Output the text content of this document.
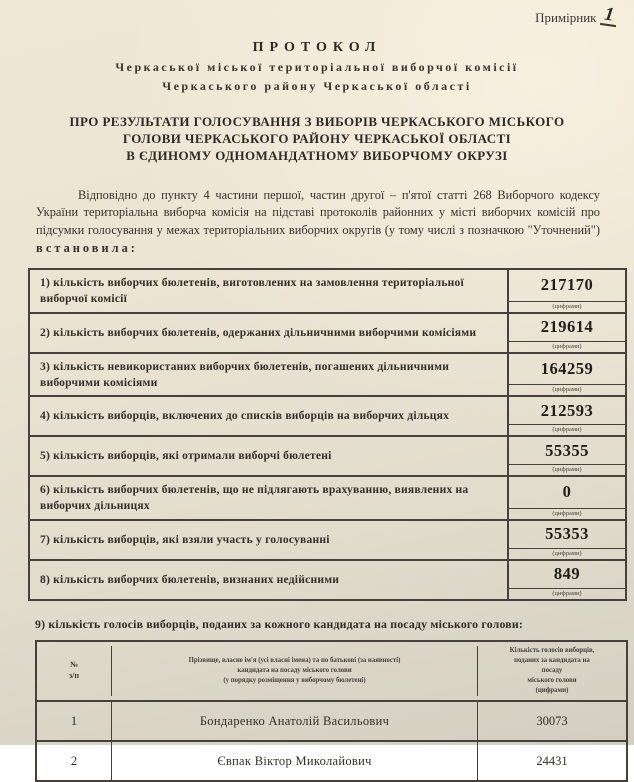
Примірник 1
ПРОТОКОЛ
Черкаської міської територіальної виборчої комісії
Черкаського району Черкаської області
ПРО РЕЗУЛЬТАТИ ГОЛОСУВАННЯ З ВИБОРІВ ЧЕРКАСЬКОГО МІСЬКОГО
ГОЛОВИ ЧЕРКАСЬКОГО РАЙОНУ ЧЕРКАСЬКОЇ ОБЛАСТІ
В ЄДИНОМУ ОДНОМАНДАТНОМУ ВИБОРЧОМУ ОКРУЗІ

Відповідно до пункту 4 частини першої, частин другої – п'ятої статті 268 Виборчого кодексу України територіальна виборча комісія на підставі протоколів районних у місті виборчих комісій про підсумки голосування у межах територіальних виборчих округів (у тому числі з позначкою "Уточнений") встановила:

1) кількість виборчих бюлетенів, виготовлених на замовлення територіальної виборчої комісії
217170
(цифрами)
2) кількість виборчих бюлетенів, одержаних дільничними виборчими комісіями	219614
(цифрами)
3) кількість невикористаних виборчих бюлетенів, погашених дільничними виборчими комісіями
164259
(цифрами)
4) кількість виборців, включених до списків виборців на виборчих дільцях	212593
(цифрами)
5) кількість виборців, які отримали виборчі бюлетені	55355
(цифрами)
6) кількість виборчих бюлетенів, що не підлягають врахуванню, виявлених на виборчих дільницях
0
(цифрами)
7) кількість виборців, які взяли участь у голосуванні	55353
(цифрами)
8) кількість виборчих бюлетенів, визнаних недійсними	849
(цифрами)
9) кількість голосів виборців, поданих за кожного кандидата на посаду міського голови:
№
з/п
Прізвище, власне ім'я (усі власні імена) та по батькові (за наявності)
кандидата на посаду міського голови
(у порядку розміщення у виборчому бюлетені)
Кількість голосів виборців,
поданих за кандидата на
посаду
міського голови
(цифрами)
1	Бондаренко Анатолій Васильович	30073
2	Євпак Віктор Миколайович	24431
